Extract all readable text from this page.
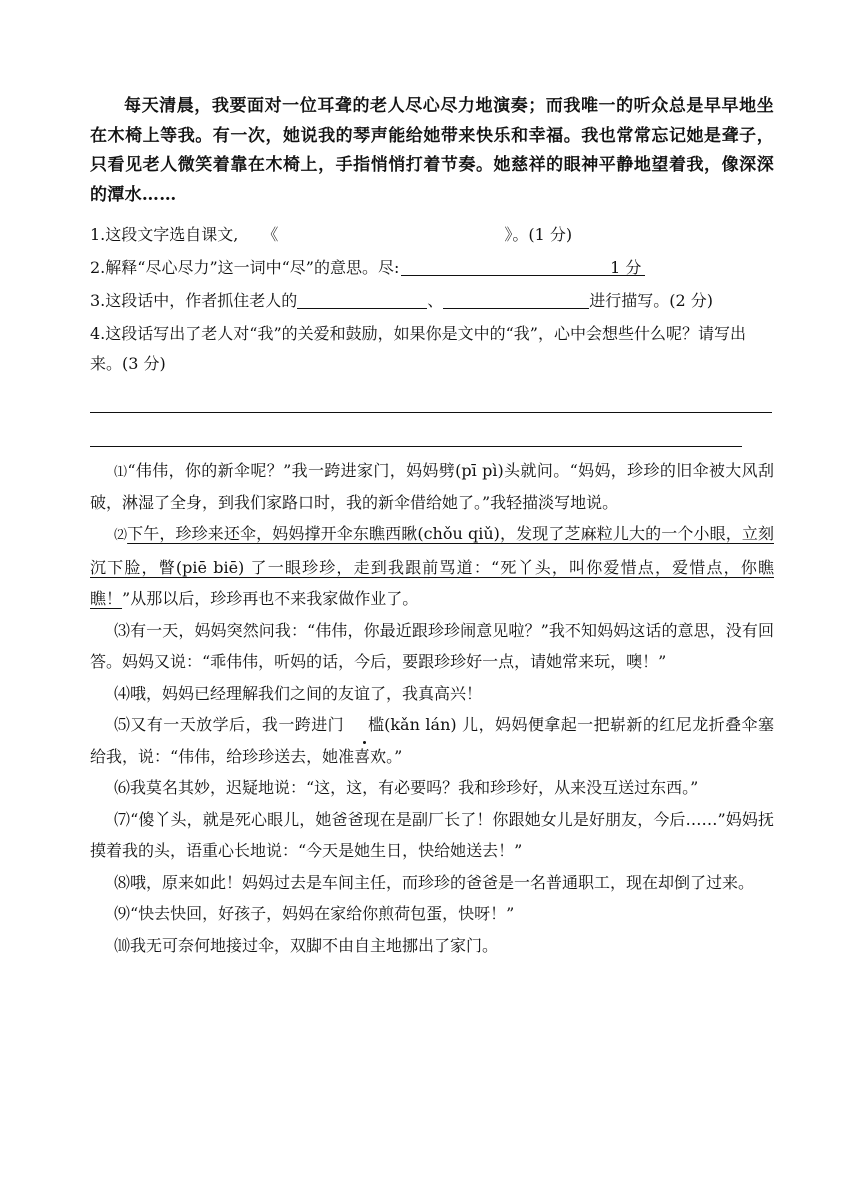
每天清晨，我要面对一位耳聋的老人尽心尽力地演奏；而我唯一的听众总是早早地坐在木椅上等我。有一次，她说我的琴声能给她带来快乐和幸福。我也常常忘记她是聋子，只看见老人微笑着靠在木椅上，手指悄悄打着节奏。她慈祥的眼神平静地望着我，像深深的潭水……

1.这段文字选自课文, 《	》。(1 分)
2.解释“尽心尽力”这一词中“尽”的意思。尽:	1 分
3.这段话中，作者抓住老人的	、	进行描写。(2 分)

4.这段话写出了老人对“我”的关爱和鼓励，如果你是文中的“我”，心中会想些什么呢？请写出来。(3 分)

⑴“伟伟，你的新伞呢？”我一跨进家门，妈妈劈(pī pì)头就问。“妈妈，珍珍的旧伞被大风刮破，淋湿了全身，到我们家路口时，我的新伞借给她了。”我轻描淡写地说。

⑵下午，珍珍来还伞，妈妈撑开伞东瞧西瞅(chǒu qiǔ)，发现了芝麻粒儿大的一个小眼，立刻沉下脸，瞥(piē biē) 了一眼珍珍，走到我跟前骂道：“死丫头，叫你爱惜点，爱惜点，你瞧瞧！”从那以后，珍珍再也不来我家做作业了。

⑶有一天，妈妈突然问我：“伟伟，你最近跟珍珍闹意见啦？”我不知妈妈这话的意思，没有回答。妈妈又说：“乖伟伟，听妈的话，今后，要跟珍珍好一点，请她常来玩，噢！”

⑷哦，妈妈已经理解我们之间的友谊了，我真高兴！

⑸又有一天放学后，我一跨进门 槛(kǎn lán) 儿，妈妈便拿起一把崭新的红尼龙折叠伞塞给我，说：“伟伟，给珍珍送去，她准喜欢。”

⑹我莫名其妙，迟疑地说：“这，这，有必要吗？我和珍珍好，从来没互送过东西。”

⑺“傻丫头，就是死心眼儿，她爸爸现在是副厂长了！你跟她女儿是好朋友，今后……”妈妈抚摸着我的头，语重心长地说：“今天是她生日，快给她送去！”

⑻哦，原来如此！妈妈过去是车间主任，而珍珍的爸爸是一名普通职工，现在却倒了过来。

⑼“快去快回，好孩子，妈妈在家给你煎荷包蛋，快呀！”

⑽我无可奈何地接过伞，双脚不由自主地挪出了家门。
